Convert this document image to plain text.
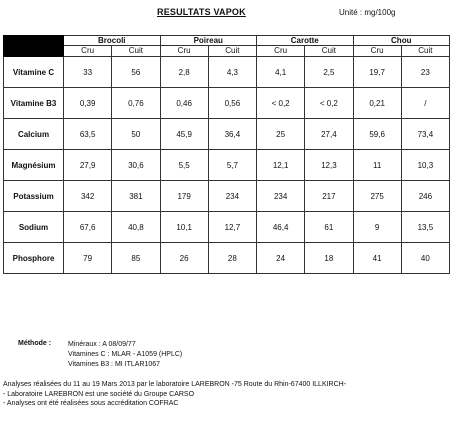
RESULTATS VAPOK	Unité : mg/100g
	Brocoli		Poireau		Carotte		Chou	
	Cru	Cuit	Cru	Cuit	Cru	Cuit	Cru	Cuit
Vitamine C	33	56	2,8	4,3	4,1	2,5	19,7	23
Vitamine B3	0,39	0,76	0,46	0,56	< 0,2	< 0,2	0,21	/
Calcium	63,5	50	45,9	36,4	25	27,4	59,6	73,4
Magnésium	27,9	30,6	5,5	5,7	12,1	12,3	11	10,3
Potassium	342	381	179	234	234	217	275	246
Sodium	67,6	40,8	10,1	12,7	46,4	61	9	13,5
Phosphore	79	85	26	28	24	18	41	40
Méthode : Minéraux : A 08/09/77
Vitamines C : MLAR - A1059 (HPLC)
Vitamines B3 : MI ITLAR1067
Analyses réalisées du 11 au 19 Mars 2013 par le laboratoire LAREBRON -75 Route du Rhin-67400 ILLKIRCH-
- Laboratoire LAREBRON est une société du Groupe CARSO
- Analyses ont été réalisées sous accréditation COFRAC
